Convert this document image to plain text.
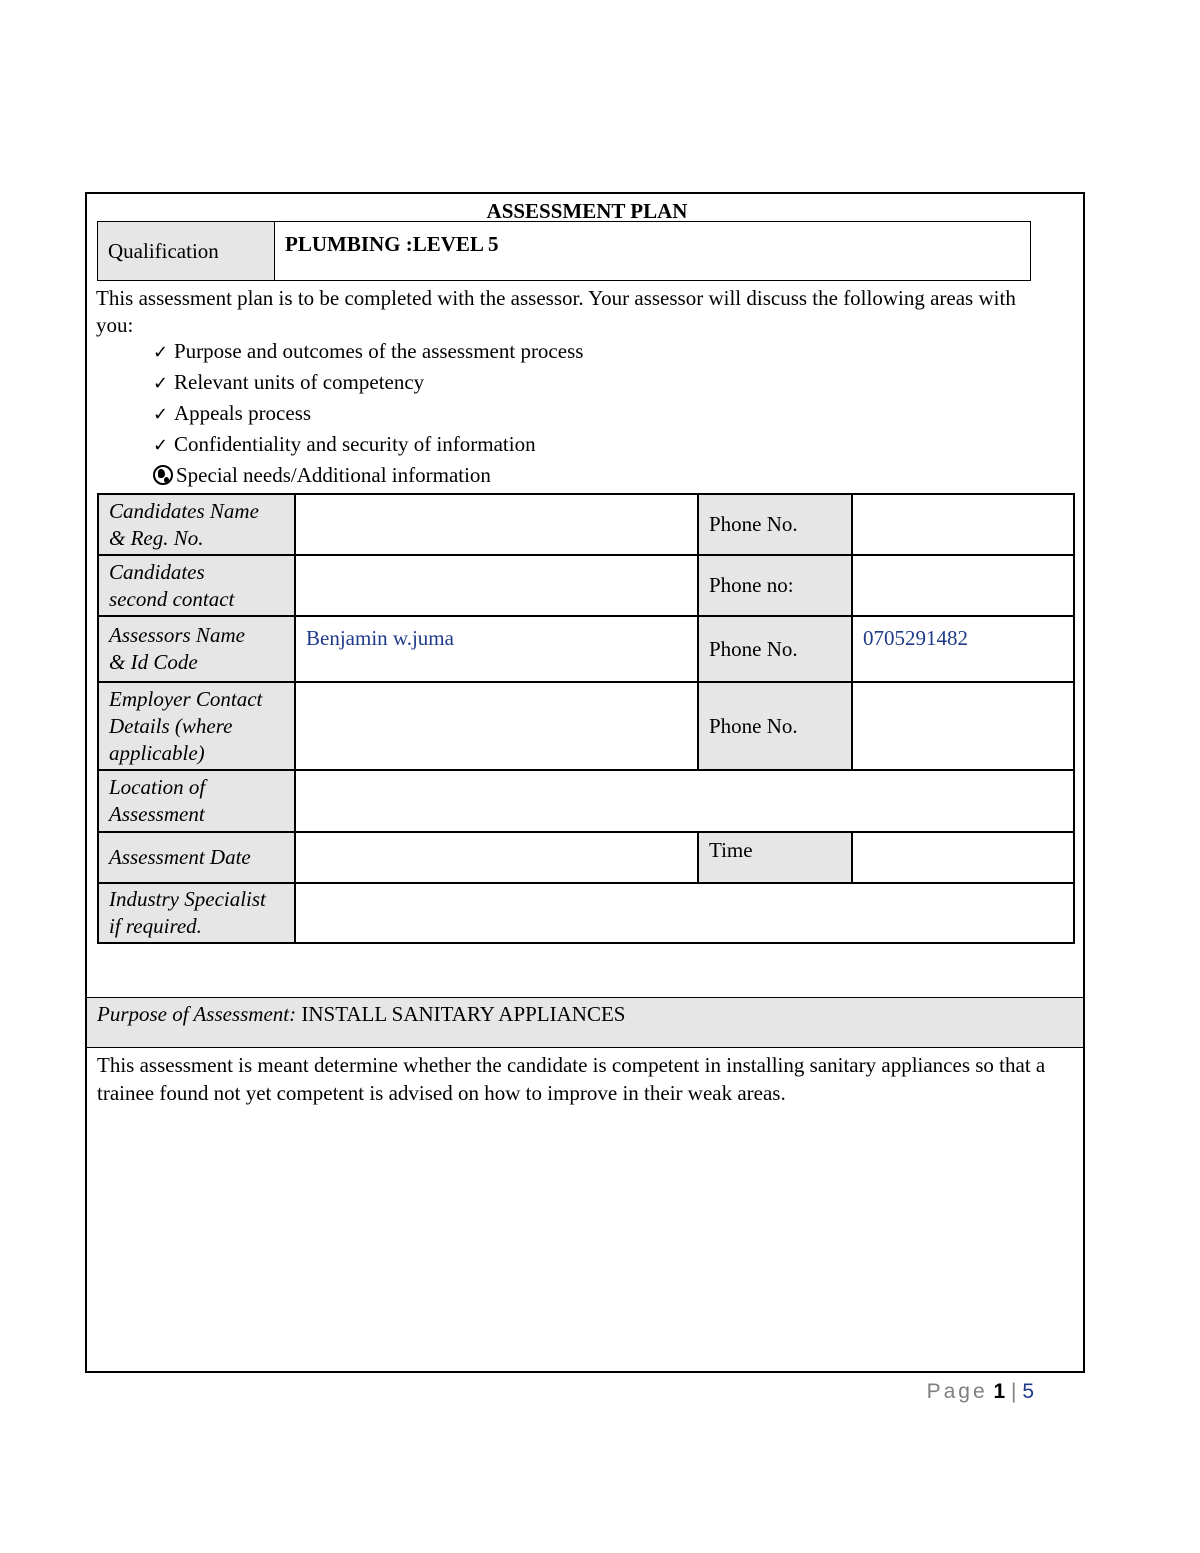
ASSESSMENT PLAN
Qualification	PLUMBING :LEVEL 5
This assessment plan is to be completed with the assessor. Your assessor will discuss the following areas with you:
✓ Purpose and outcomes of the assessment process
✓ Relevant units of competency
✓ Appeals process
✓ Confidentiality and security of information
Special needs/Additional information
Candidates Name
& Reg. No.		Phone No.	
Candidates
second contact		Phone no:	
Assessors Name
& Id Code	Benjamin w.juma	Phone No.	0705291482
Employer Contact
Details (where
applicable)		Phone No.	
Location of
Assessment			
Assessment Date		Time	
Industry Specialist
if required.			
Purpose of Assessment: INSTALL SANITARY APPLIANCES
This assessment is meant determine whether the candidate is competent in installing sanitary appliances so that a trainee found not yet competent is advised on how to improve in their weak areas.
Page 1 | 5
